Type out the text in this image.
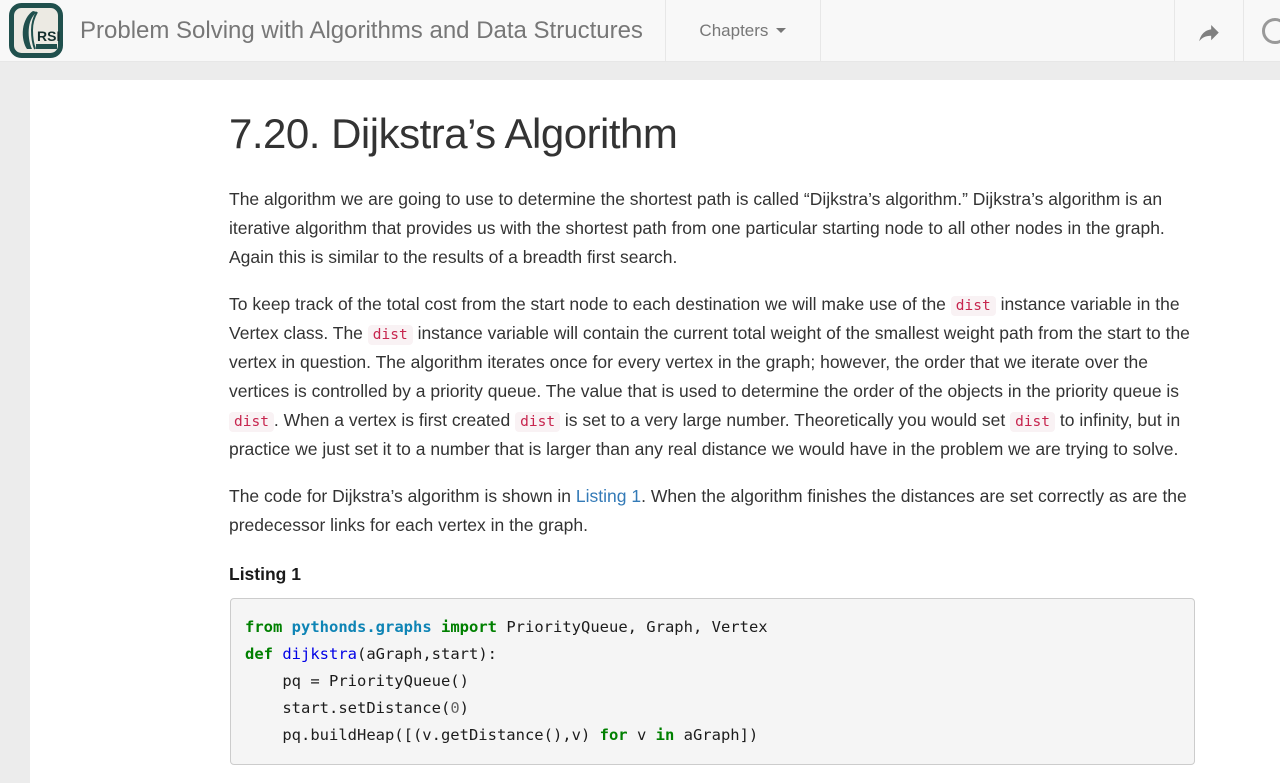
RSI Problem Solving with Algorithms and Data Structures	Chapters
7.20. Dijkstra’s Algorithm

The algorithm we are going to use to determine the shortest path is called “Dijkstra’s algorithm.” Dijkstra’s algorithm is an iterative algorithm that provides us with the shortest path from one particular starting node to all other nodes in the graph. Again this is similar to the results of a breadth first search.

To keep track of the total cost from the start node to each destination we will make use of the dist instance variable in the Vertex class. The dist instance variable will contain the current total weight of the smallest weight path from the start to the vertex in question. The algorithm iterates once for every vertex in the graph; however, the order that we iterate over the vertices is controlled by a priority queue. The value that is used to determine the order of the objects in the priority queue is dist . When a vertex is first created dist is set to a very large number. Theoretically you would set dist to infinity, but in practice we just set it to a number that is larger than any real distance we would have in the problem we are trying to solve.

The code for Dijkstra’s algorithm is shown in Listing 1. When the algorithm finishes the distances are set correctly as are the predecessor links for each vertex in the graph.

Listing 1
from pythonds.graphs import PriorityQueue, Graph, Vertex
def dijkstra(aGraph,start):
pq = PriorityQueue()
start.setDistance(0)
pq.buildHeap([(v.getDistance(),v) for v in aGraph])
